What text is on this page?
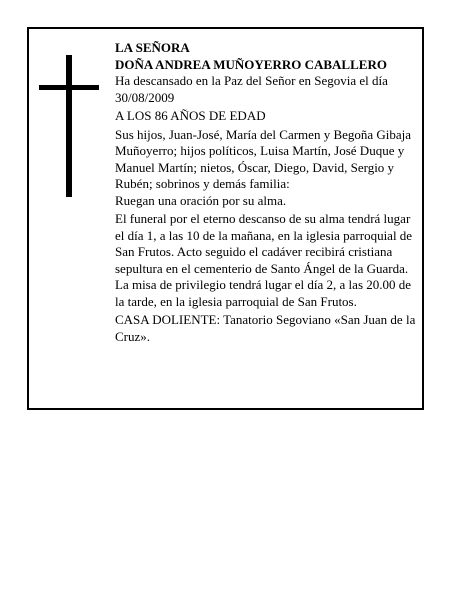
LA SEÑORA

DOÑA ANDREA MUÑOYERRO CABALLERO

Ha descansado en la Paz del Señor en Segovia el día 30/08/2009

A LOS 86 AÑOS DE EDAD

Sus hijos, Juan-José, María del Carmen y Begoña Gibaja Muñoyerro; hijos políticos, Luisa Martín, José Duque y Manuel Martín; nietos, Óscar, Diego, David, Sergio y Rubén; sobrinos y demás familia:

Ruegan una oración por su alma.

El funeral por el eterno descanso de su alma tendrá lugar el día 1, a las 10 de la mañana, en la iglesia parroquial de San Frutos. Acto seguido el cadáver recibirá cristiana sepultura en el cementerio de Santo Ángel de la Guarda. La misa de privilegio tendrá lugar el día 2, a las 20.00 de la tarde, en la iglesia parroquial de San Frutos.

CASA DOLIENTE: Tanatorio Segoviano «San Juan de la Cruz».
